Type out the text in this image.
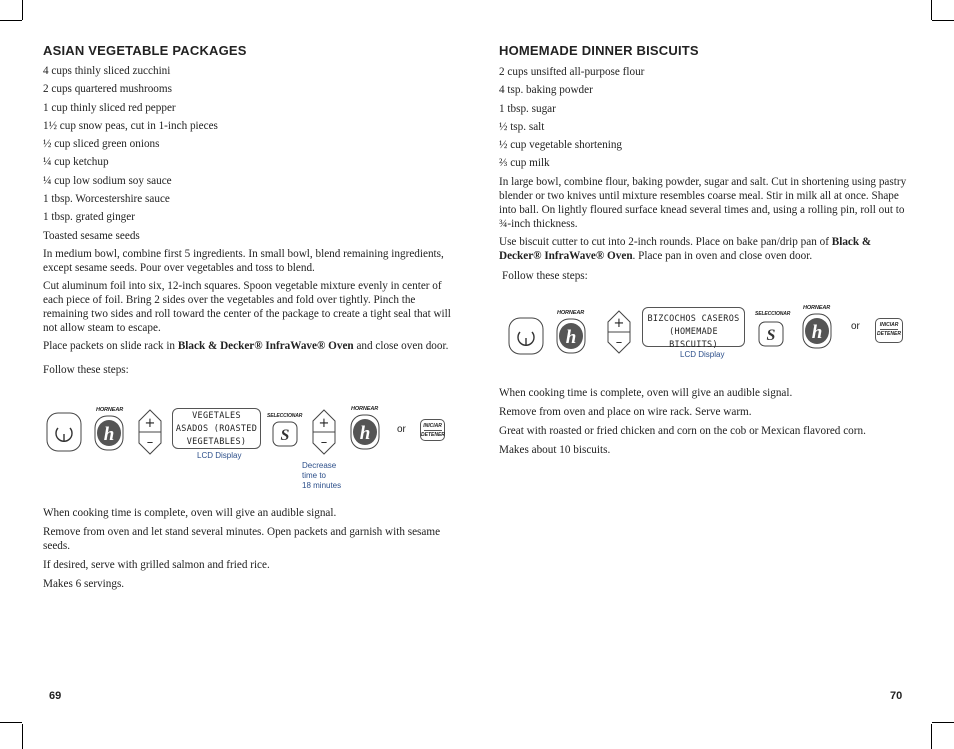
ASIAN VEGETABLE PACKAGES

4 cups thinly sliced zucchini

2 cups quartered mushrooms

1 cup thinly sliced red pepper

1½ cup snow peas, cut in 1-inch pieces

½ cup sliced green onions

¼ cup ketchup

¼ cup low sodium soy sauce

1 tbsp. Worcestershire sauce

1 tbsp. grated ginger

Toasted sesame seeds

In medium bowl, combine first 5 ingredients. In small bowl, blend remaining ingredients, except sesame seeds. Pour over vegetables and toss to blend.

Cut aluminum foil into six, 12-inch squares. Spoon vegetable mixture evenly in center of each piece of foil. Bring 2 sides over the vegetables and fold over tightly. Pinch the remaining two sides and roll toward the center of the package to create a tight seal that will not allow steam to escape.

Place packets on slide rack in Black & Decker® InfraWave® Oven and close oven door.

Follow these steps:

HORNEAR
h
+
–
VEGETALES
ASADOS (ROASTED
VEGETABLES)
LCD Display
SELECCIONAR
S
+
–
Decrease
time to
18 minutes
HORNEAR
h	or	INICIAR
DETENER

When cooking time is complete, oven will give an audible signal.

Remove from oven and let stand several minutes. Open packets and garnish with sesame seeds.

If desired, serve with grilled salmon and fried rice.

Makes 6 servings.

69
HOMEMADE DINNER BISCUITS

2 cups unsifted all-purpose flour

4 tsp. baking powder

1 tbsp. sugar

½ tsp. salt

½ cup vegetable shortening

⅔ cup milk

In large bowl, combine flour, baking powder, sugar and salt. Cut in shortening using pastry blender or two knives until mixture resembles coarse meal. Stir in milk all at once. Shape into ball. On lightly floured surface knead several times and, using a rolling pin, roll out to ¾-inch thickness.

Use biscuit cutter to cut into 2-inch rounds. Place on bake pan/drip pan of Black & Decker® InfraWave® Oven. Place pan in oven and close oven door.

Follow these steps:

HORNEAR
h
+
–
BIZCOCHOS CASEROS
(HOMEMADE BISCUITS)
LCD Display
SELECCIONAR
S
HORNEAR
h	or	INICIAR
DETENER

When cooking time is complete, oven will give an audible signal.

Remove from oven and place on wire rack. Serve warm.

Great with roasted or fried chicken and corn on the cob or Mexican flavored corn.

Makes about 10 biscuits.

70
